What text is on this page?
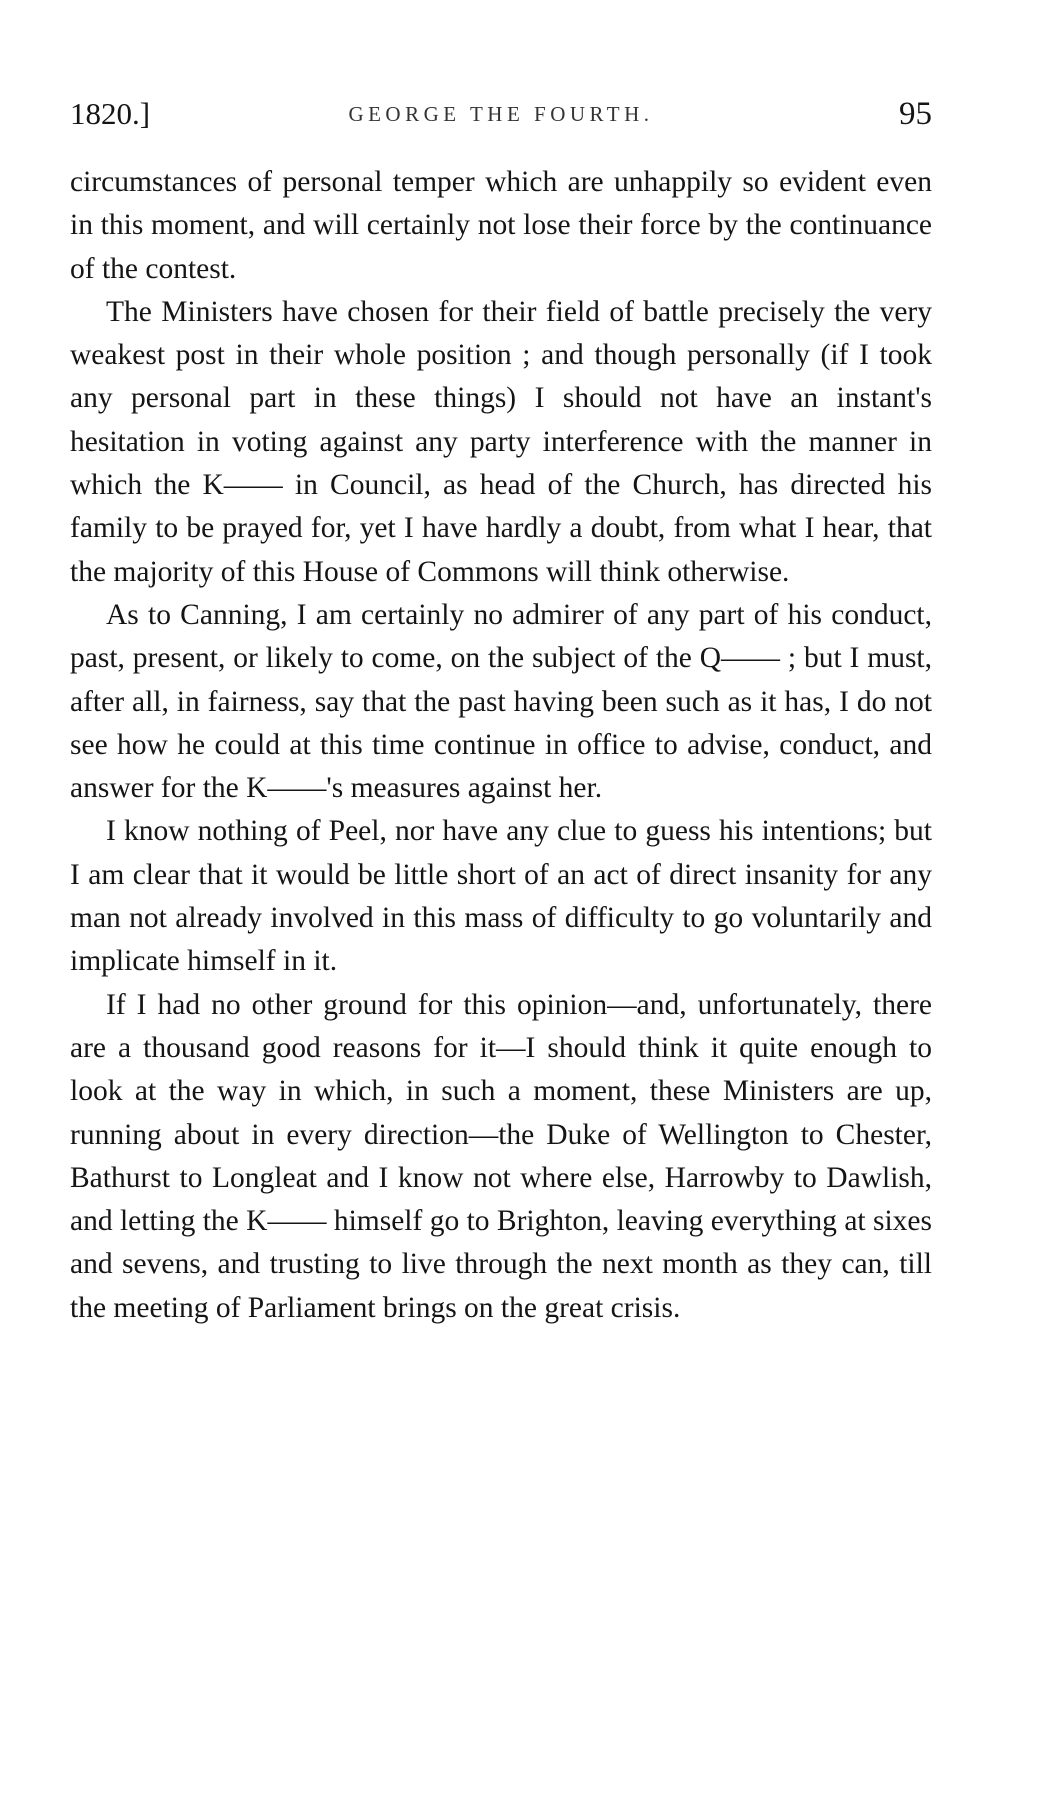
1820.]	GEORGE THE FOURTH.	95

circumstances of personal temper which are unhappily so evident even in this moment, and will certainly not lose their force by the continuance of the contest.

The Ministers have chosen for their field of battle precisely the very weakest post in their whole position ; and though personally (if I took any personal part in these things) I should not have an instant's hesitation in voting against any party interference with the manner in which the K—— in Council, as head of the Church, has directed his family to be prayed for, yet I have hardly a doubt, from what I hear, that the majority of this House of Commons will think otherwise.

As to Canning, I am certainly no admirer of any part of his conduct, past, present, or likely to come, on the subject of the Q—— ; but I must, after all, in fairness, say that the past having been such as it has, I do not see how he could at this time continue in office to advise, conduct, and answer for the K——'s measures against her.

I know nothing of Peel, nor have any clue to guess his intentions; but I am clear that it would be little short of an act of direct insanity for any man not already involved in this mass of difficulty to go voluntarily and implicate himself in it.

If I had no other ground for this opinion—and, unfortunately, there are a thousand good reasons for it—I should think it quite enough to look at the way in which, in such a moment, these Ministers are up, running about in every direction—the Duke of Wellington to Chester, Bathurst to Longleat and I know not where else, Harrowby to Dawlish, and letting the K—— himself go to Brighton, leaving everything at sixes and sevens, and trusting to live through the next month as they can, till the meeting of Parliament brings on the great crisis.
